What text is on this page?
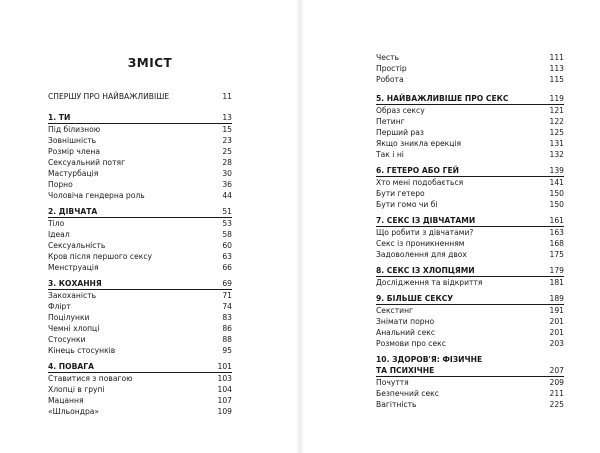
ЗМІСТ
СПЕРШУ ПРО НАЙВАЖЛИВІШЕ	11
1. ТИ	13
Під білизною	15
Зовнішність	23
Розмір члена	25
Сексуальний потяг	28
Мастурбація	30
Порно	36
Чоловіча гендерна роль	44
2. ДІВЧАТА	51
Тіло	53
Ідеал	58
Сексуальність	60
Кров після першого сексу	63
Менструація	66
3. КОХАННЯ	69
Закоханість	71
Флірт	74
Поцілунки	83
Чемні хлопці	86
Стосунки	88
Кінець стосунків	95
4. ПОВАГА	101
Ставитися з повагою	103
Хлопці в групі	104
Мацання	107
«Шльондра»	109
Честь	111
Простір	113
Робота	115
5. НАЙВАЖЛИВІШЕ ПРО СЕКС	119
Образ сексу	121
Петинг	122
Перший раз	125
Якщо зникла ерекція	131
Так і ні	132
6. ГЕТЕРО АБО ГЕЙ	139
Хто мені подобається	141
Бути гетеро	150
Бути гомо чи бі	150
7. СЕКС ІЗ ДІВЧАТАМИ	161
Що робити з дівчатами?	163
Секс із проникненням	168
Задоволення для двох	175
8. СЕКС ІЗ ХЛОПЦЯМИ	179
Дослідження та відкриття	181
9. БІЛЬШЕ СЕКСУ	189
Секстинг	191
Знімати порно	201
Анальний секс	201
Розмови про секс	203
10. ЗДОРОВ'Я: ФІЗИЧНЕ
ТА ПСИХІЧНЕ	207
Почуття	209
Безпечний секс	211
Вагітність	225
